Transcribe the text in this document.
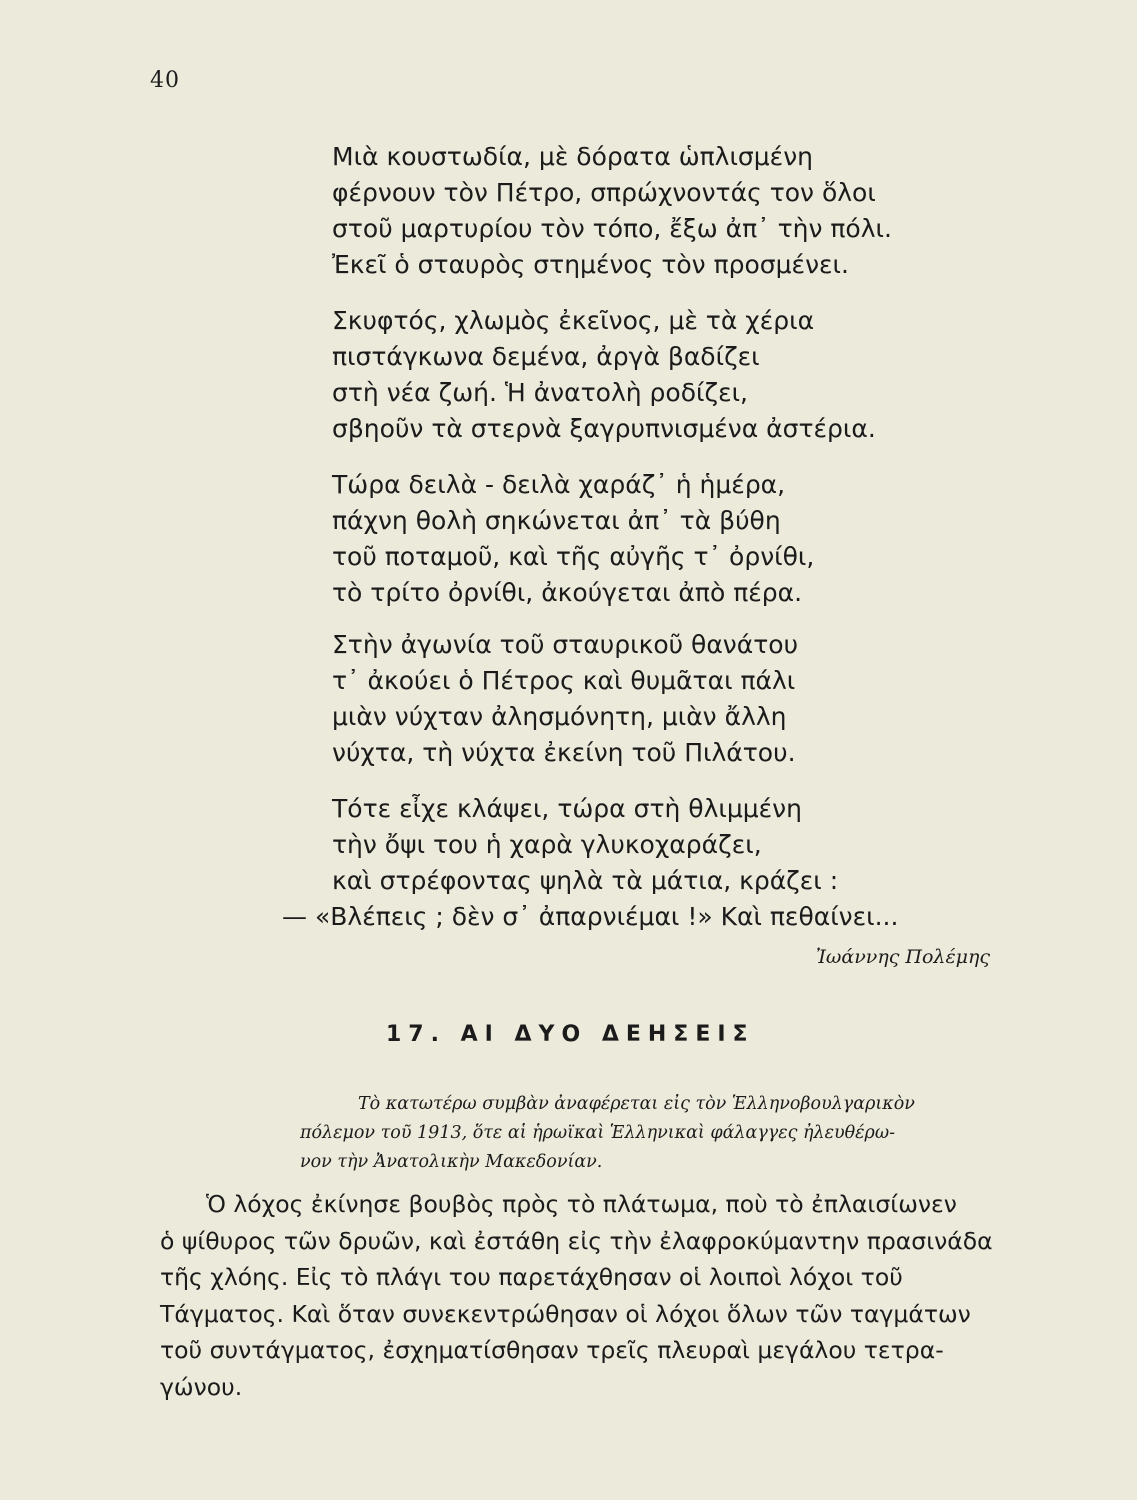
40
Μιὰ κουστωδία, μὲ δόρατα ὡπλισμένη
φέρνουν τὸν Πέτρο, σπρώχνοντάς τον ὅλοι
στοῦ μαρτυρίου τὸν τόπο, ἔξω ἀπ᾽ τὴν πόλι.
Ἐκεῖ ὁ σταυρὸς στημένος τὸν προσμένει.
Σκυφτός, χλωμὸς ἐκεῖνος, μὲ τὰ χέρια
πιστάγκωνα δεμένα, ἀργὰ βαδίζει
στὴ νέα ζωή. Ἡ ἀνατολὴ ροδίζει,
σβηοῦν τὰ στερνὰ ξαγρυπνισμένα ἀστέρια.
Τώρα δειλὰ - δειλὰ χαράζ᾽ ἡ ἡμέρα,
πάχνη θολὴ σηκώνεται ἀπ᾽ τὰ βύθη
τοῦ ποταμοῦ, καὶ τῆς αὐγῆς τ᾽ ὀρνίθι,
τὸ τρίτο ὀρνίθι, ἀκούγεται ἀπὸ πέρα.
Στὴν ἀγωνία τοῦ σταυρικοῦ θανάτου
τ᾽ ἀκούει ὁ Πέτρος καὶ θυμᾶται πάλι
μιὰν νύχταν ἀλησμόνητη, μιὰν ἄλλη
νύχτα, τὴ νύχτα ἐκείνη τοῦ Πιλάτου.
Τότε εἶχε κλάψει, τώρα στὴ θλιμμένη
τὴν ὄψι του ἡ χαρὰ γλυκοχαράζει,
καὶ στρέφοντας ψηλὰ τὰ μάτια, κράζει :
— «Βλέπεις ; δὲν σ᾽ ἀπαρνιέμαι !» Καὶ πεθαίνει...
Ἰωάννης Πολέμης
17. ΑΙ ΔΥΟ ΔΕΗΣΕΙΣ
Τὸ κατωτέρω συμβὰν ἀναφέρεται εἰς τὸν Ἑλληνοβουλγαρικὸν
πόλεμον τοῦ 1913, ὅτε αἱ ἡρωϊκαὶ Ἑλληνικαὶ φάλαγγες ἠλευθέρω-
νον τὴν Ἀνατολικὴν Μακεδονίαν.
Ὁ λόχος ἐκίνησε βουβὸς πρὸς τὸ πλάτωμα, ποὺ τὸ ἐπλαισίωνεν
ὁ ψίθυρος τῶν δρυῶν, καὶ ἐστάθη εἰς τὴν ἐλαφροκύμαντην πρασινάδα
τῆς χλόης. Εἰς τὸ πλάγι του παρετάχθησαν οἱ λοιποὶ λόχοι τοῦ
Τάγματος. Καὶ ὅταν συνεκεντρώθησαν οἱ λόχοι ὅλων τῶν ταγμάτων
τοῦ συντάγματος, ἐσχηματίσθησαν τρεῖς πλευραὶ μεγάλου τετρα-
γώνου.
